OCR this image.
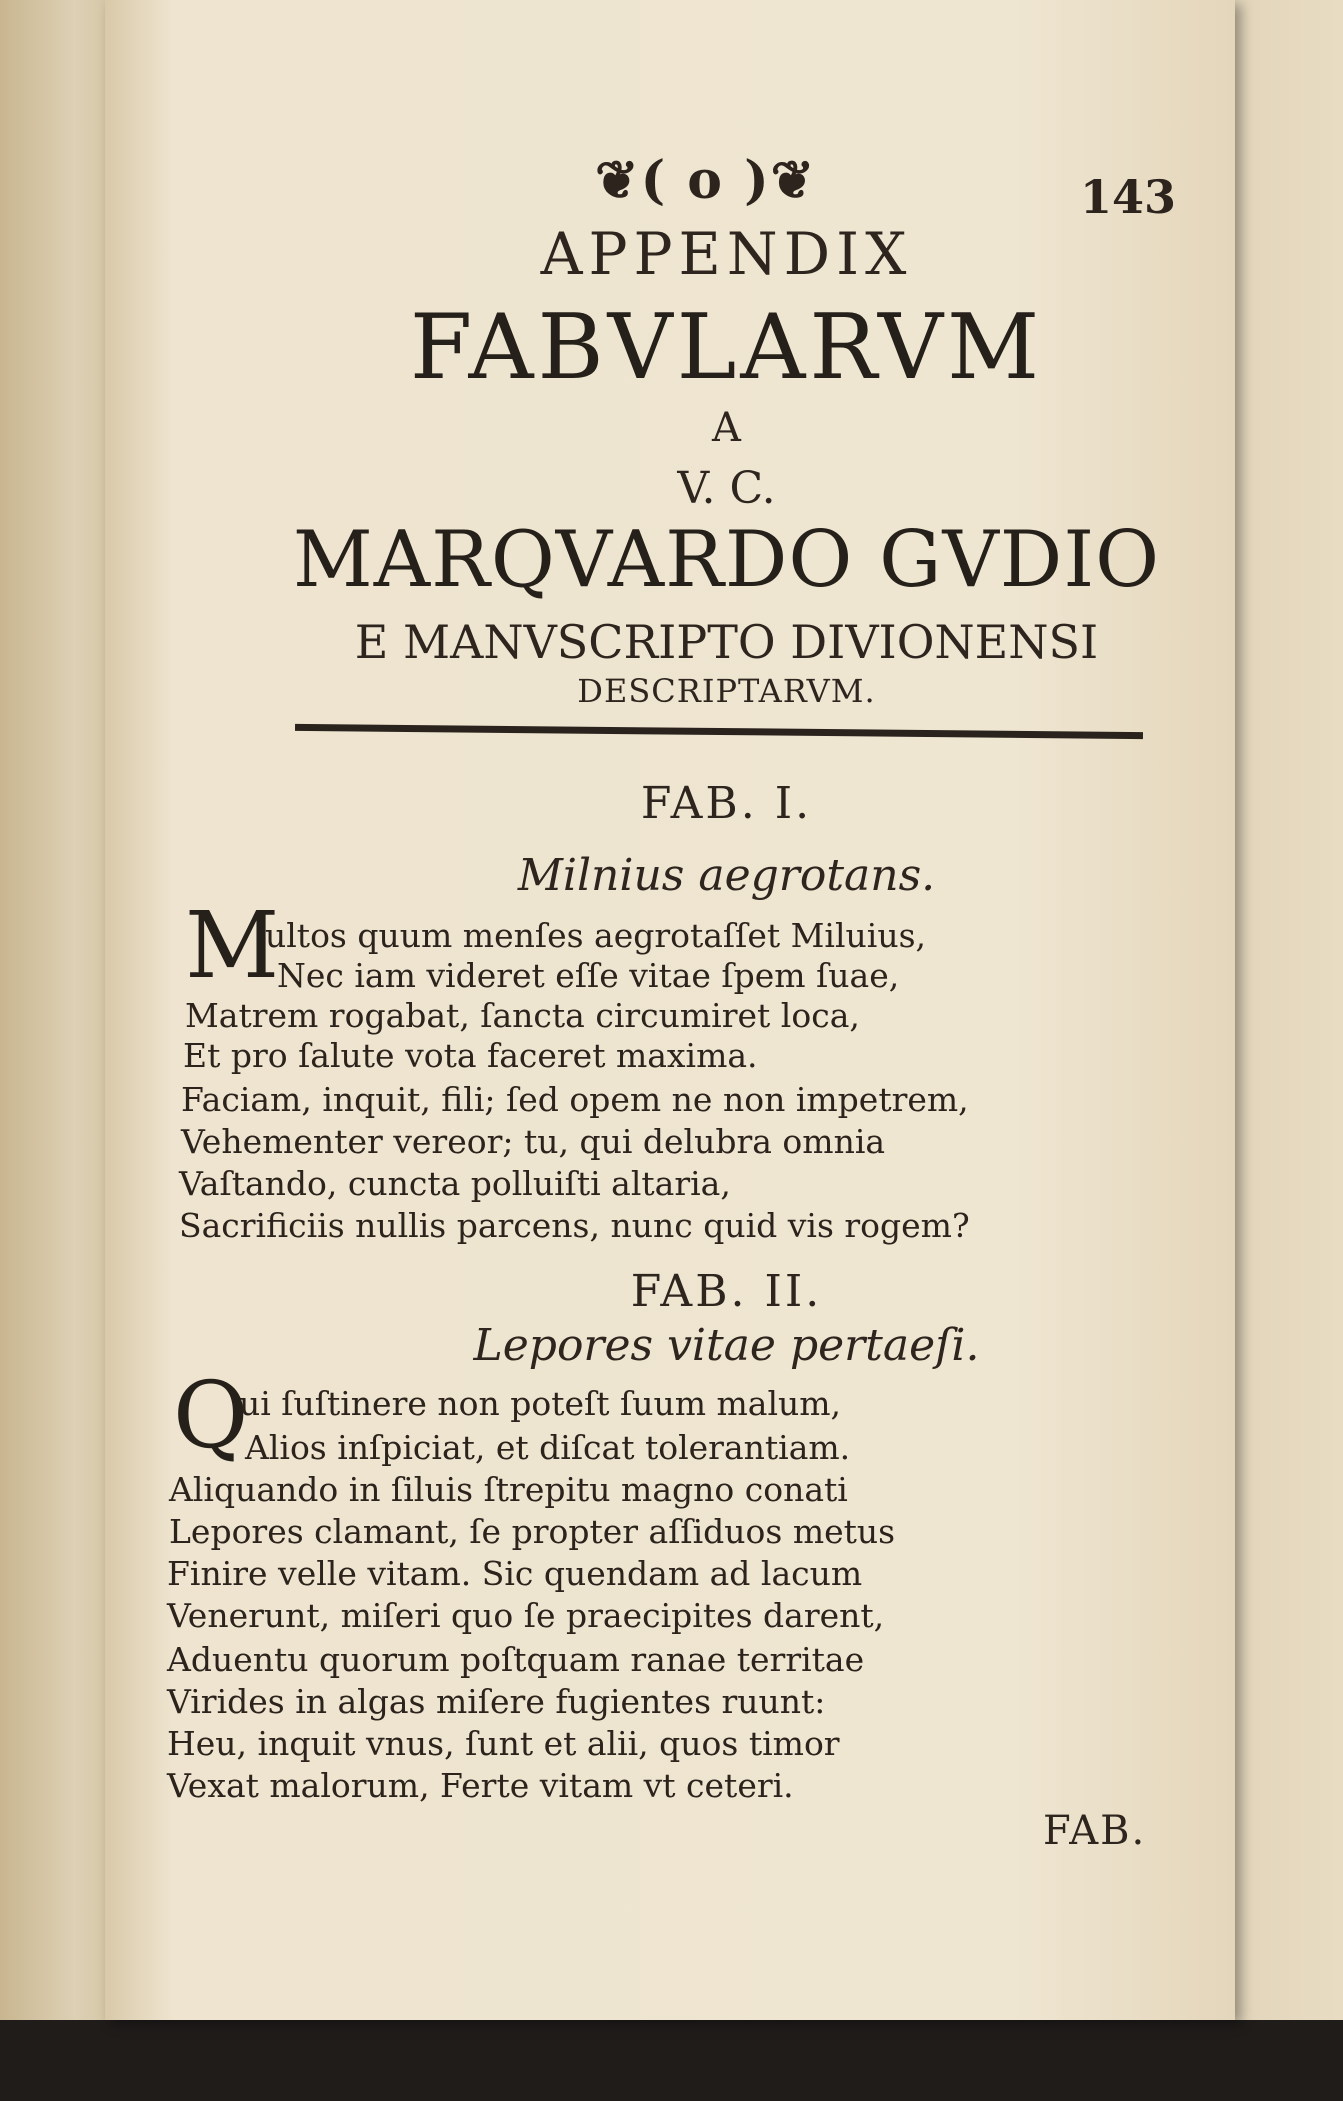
❦( o )❦	143
APPENDIX
FABVLARVM
A
V. C.
MARQVARDO GVDIO
E MANVSCRIPTO DIVIONENSI
DESCRIPTARVM.
FAB. I.
Milnius aegrotans.
M
ultos quum menſes aegrotaſſet Miluius,
Nec iam videret eſſe vitae ſpem ſuae,
Matrem rogabat, ſancta circumiret loca,
Et pro ſalute vota faceret maxima.
Faciam, inquit, fili; ſed opem ne non impetrem,
Vehementer vereor; tu, qui delubra omnia
Vaſtando, cuncta polluiſti altaria,
Sacrificiis nullis parcens, nunc quid vis rogem?
FAB. II.
Lepores vitae pertaeſi.
Q
ui ſuſtinere non poteſt ſuum malum,
Alios inſpiciat, et diſcat tolerantiam.
Aliquando in ſiluis ſtrepitu magno conati
Lepores clamant, ſe propter aſſiduos metus
Finire velle vitam. Sic quendam ad lacum
Venerunt, miſeri quo ſe praecipites darent,
Aduentu quorum poſtquam ranae territae
Virides in algas miſere fugientes ruunt:
Heu, inquit vnus, ſunt et alii, quos timor
Vexat malorum, Ferte vitam vt ceteri.
FAB.
